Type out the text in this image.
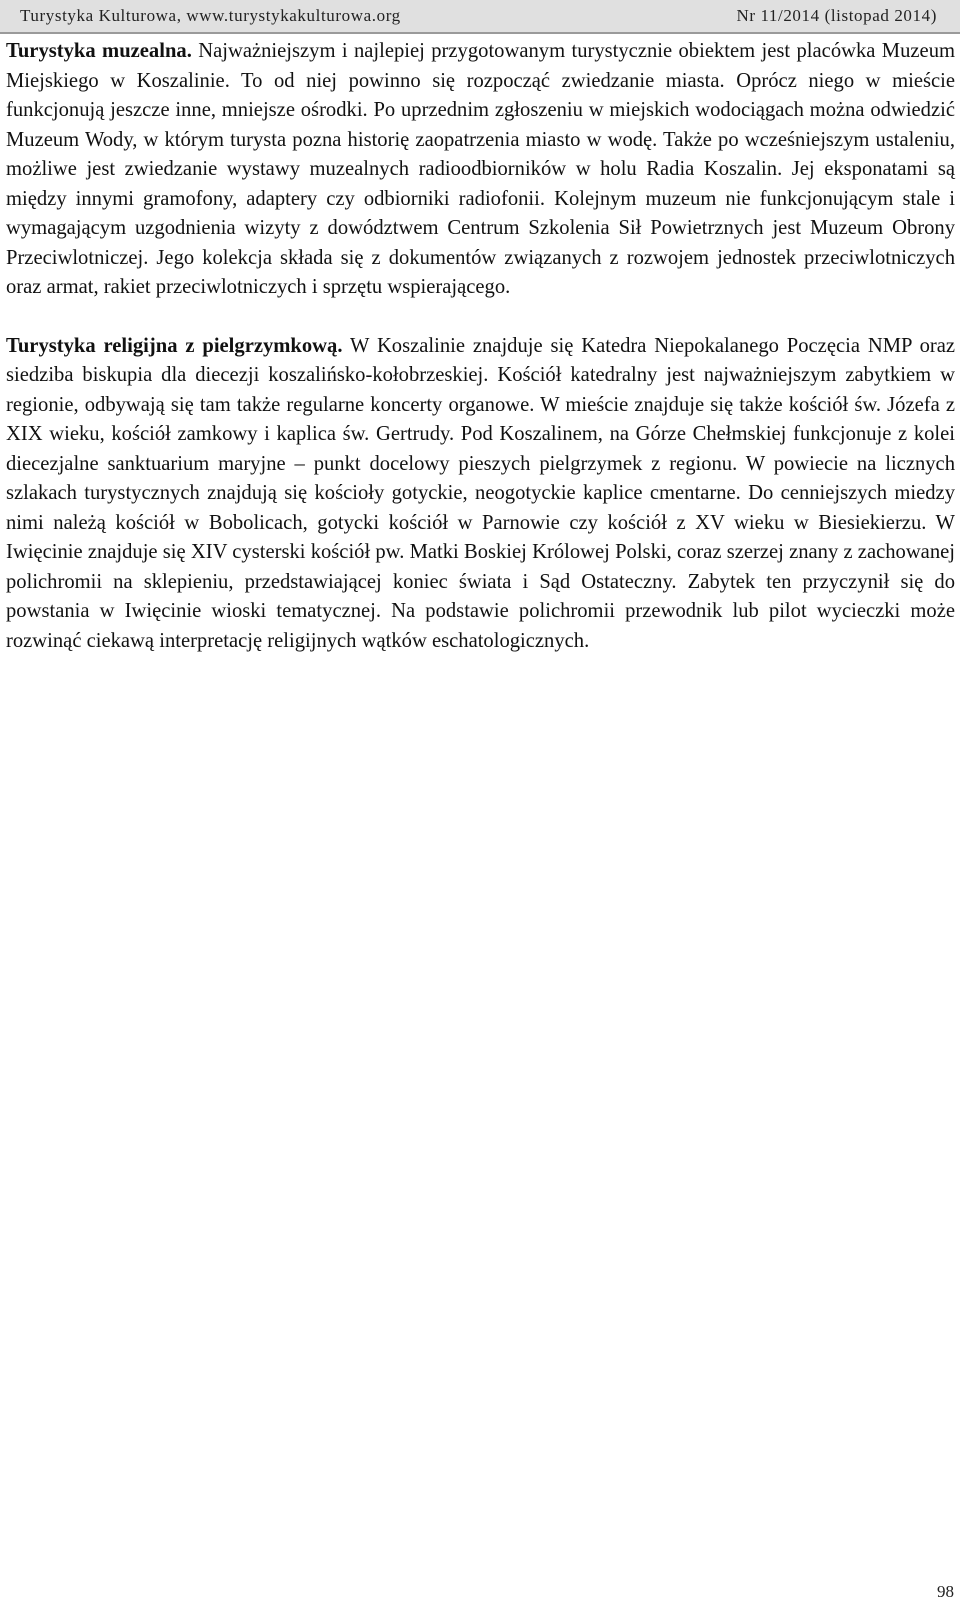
Turystyka Kulturowa, www.turystykakulturowa.org	Nr 11/2014 (listopad 2014)

Turystyka muzealna. Najważniejszym i najlepiej przygotowanym turystycznie obiektem jest placówka Muzeum Miejskiego w Koszalinie. To od niej powinno się rozpocząć zwiedzanie miasta. Oprócz niego w mieście funkcjonują jeszcze inne, mniejsze ośrodki. Po uprzednim zgłoszeniu w miejskich wodociągach można odwiedzić Muzeum Wody, w którym turysta pozna historię zaopatrzenia miasto w wodę. Także po wcześniejszym ustaleniu, możliwe jest zwiedzanie wystawy muzealnych radioodbiorników w holu Radia Koszalin. Jej eksponatami są między innymi gramofony, adaptery czy odbiorniki radiofonii. Kolejnym muzeum nie funkcjonującym stale i wymagającym uzgodnienia wizyty z dowództwem Centrum Szkolenia Sił Powietrznych jest Muzeum Obrony Przeciwlotniczej. Jego kolekcja składa się z dokumentów związanych z rozwojem jednostek przeciwlotniczych oraz armat, rakiet przeciwlotniczych i sprzętu wspierającego.

Turystyka religijna z pielgrzymkową. W Koszalinie znajduje się Katedra Niepokalanego Poczęcia NMP oraz siedziba biskupia dla diecezji koszalińsko-kołobrzeskiej. Kościół katedralny jest najważniejszym zabytkiem w regionie, odbywają się tam także regularne koncerty organowe. W mieście znajduje się także kościół św. Józefa z XIX wieku, kościół zamkowy i kaplica św. Gertrudy. Pod Koszalinem, na Górze Chełmskiej funkcjonuje z kolei diecezjalne sanktuarium maryjne – punkt docelowy pieszych pielgrzymek z regionu. W powiecie na licznych szlakach turystycznych znajdują się kościoły gotyckie, neogotyckie kaplice cmentarne. Do cenniejszych miedzy nimi należą kościół w Bobolicach, gotycki kościół w Parnowie czy kościół z XV wieku w Biesiekierzu. W Iwięcinie znajduje się XIV cysterski kościół pw. Matki Boskiej Królowej Polski, coraz szerzej znany z zachowanej polichromii na sklepieniu, przedstawiającej koniec świata i Sąd Ostateczny. Zabytek ten przyczynił się do powstania w Iwięcinie wioski tematycznej. Na podstawie polichromii przewodnik lub pilot wycieczki może rozwinąć ciekawą interpretację religijnych wątków eschatologicznych.

98
